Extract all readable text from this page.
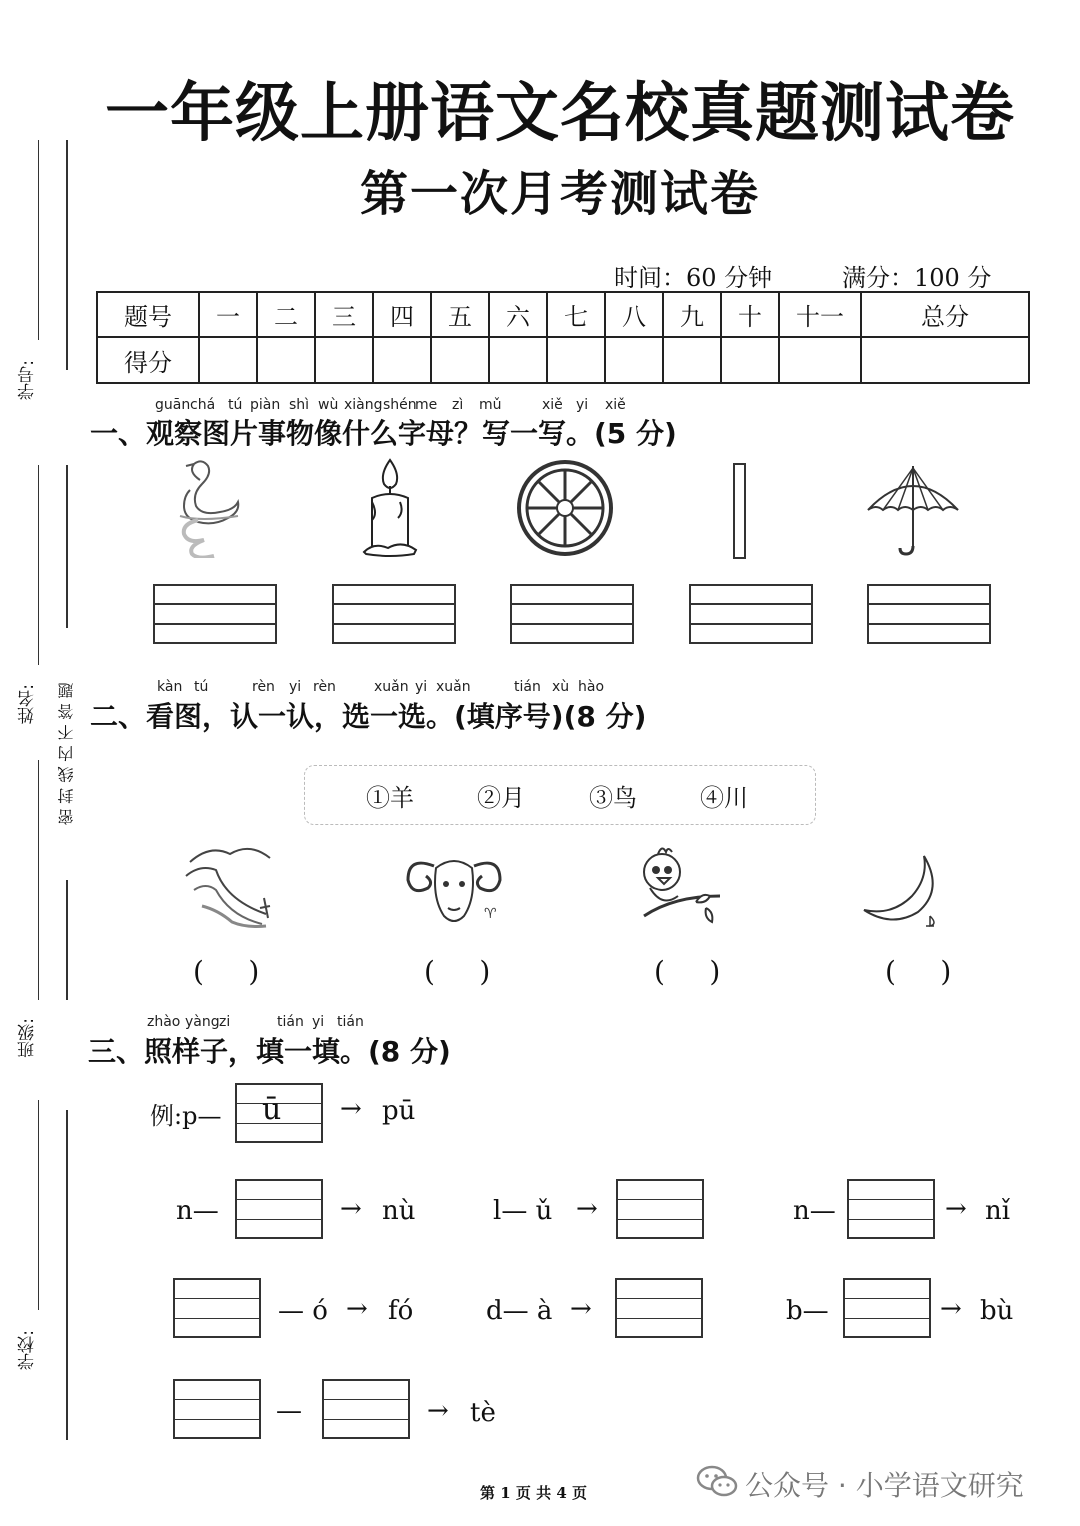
学号:
姓名:
班级:
学校:
密 封 线 内 不 答 题
一年级上册语文名校真题测试卷
第一次月考测试卷
时间：60 分钟	满分：100 分
题号	一	二	三	四	五	六	七	八	九	十	十一	总分
得分												
guān chá tú piàn shì wù xiàng shén
me zì mǔ	xiě yi xiě
一、观察图片事物像什么字母？写一写。(5 分)
kàn tú	rèn yi rèn	xuǎn yi xuǎn	tián xù hào
二、看图，认一认，选一选。(填序号)(8 分)
①羊	②月	③鸟	④川
♈
(     )	(     )	(     )	(     )
zhào yàng zi	tián yi tián
三、照样子，填一填。(8 分)
例:p— ū → pū
n—	→ nù	l— ǔ →	n—	→ nǐ
— ó → fó	d— à →	b—	→ bù
—	→ tè
第 1 页 共 4 页	公众号 · 小学语文研究
